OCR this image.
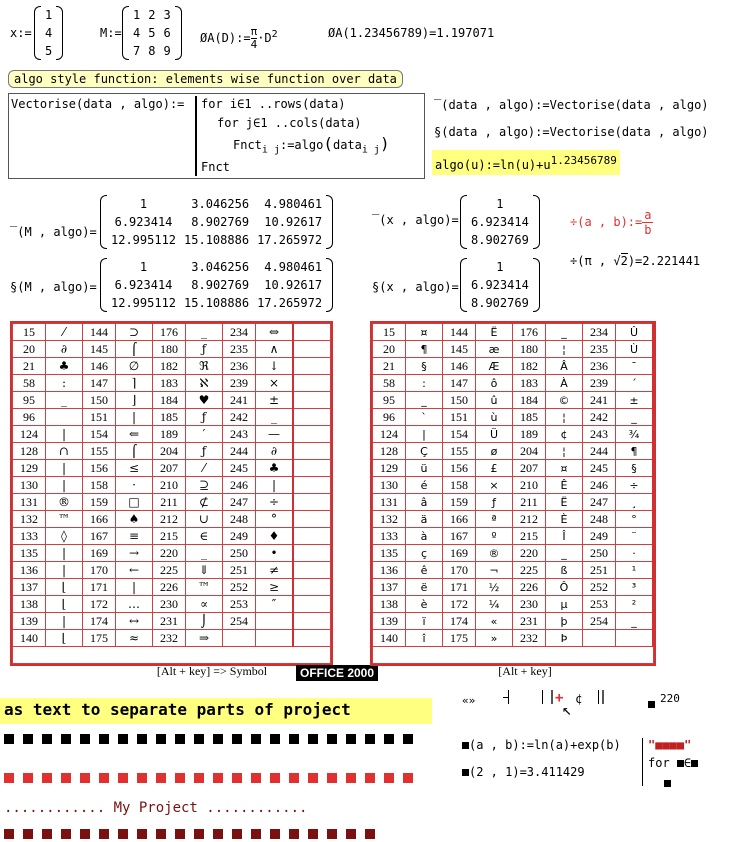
x:=
1
4
5
M:=
1	2	3
4	5	6
7	8	9
ØA(D):= $\frac{\pi}{4} \cdot D^2$	ØA(1.23456789)=1.197071
algo style function: elements wise function over data
Vectorise(data , algo):= for i∈1 ..rows(data)
for j∈1 ..cols(data)
Fnct$_{i j}$:=algo(data$_{i j}$)
Fnct
‾(data , algo):=Vectorise(data , algo)
§(data , algo):=Vectorise(data , algo)
$algo(u):=\ln(u)+u^{1.23456789}$
‾(M , algo)=
1	3.046256	4.980461
6.923414	8.902769	10.92617
12.995112	15.108886	17.265972
‾(x , algo)=
1
6.923414
8.902769
§(M , algo)=
1	3.046256	4.980461
6.923414	8.902769	10.92617
12.995112	15.108886	17.265972
§(x , algo)=
1
6.923414
8.902769
÷(a , b):= $\frac{a}{b}$
÷(π , √2)=2.221441
15	⁄	144	⊃	176	_	234	⇔	
20	∂	145	⌠	180	ƒ	235	∧	
21	♣	146	∅	182	ℜ	236	↓	
58	:	147	⌉	183	ℵ	239	×	
95	_	150	⌋	184	♥	241	±	
96		151	|	185	ƒ	242	_	
124	|	154	⇐	189	′	243	—	
128	∩	155	⌠	204	ƒ	244	∂	
129	|	156	≤	207	⁄	245	♣	
130	|	158	·	210	⊇	246	|	
131	®	159	□	211	⊄	247	÷	
132	™	166	♠	212	∪	248	°	
133	◊	167	≡	215	∈	249	♦	
135	|	169	→	220	_	250	•	
136	|	170	←	225	⇓	251	≠	
137	⌊	171	|	226	™	252	≥	
138	⌊	172	…	230	∝	253	″	
139	|	174	↔	231	⌡	254		
140	⌊	175	≈	232	⇒			

[Alt + key] => Symbol	OFFICE 2000
15	¤	144	Ë	176	_	234	Û
20	¶	145	æ	180	¦	235	Ù
21	§	146	Æ	182	Â	236	¯
58	:	147	ô	183	À	239	´
95	_	150	û	184	©	241	±
96	`	151	ù	185	¦	242	_
124	|	154	Ü	189	¢	243	¾
128	Ç	155	ø	204	¦	244	¶
129	ü	156	£	207	¤	245	§
130	é	158	×	210	Ê	246	÷
131	â	159	ƒ	211	Ë	247	¸
132	ä	166	ª	212	È	248	°
133	à	167	º	215	Î	249	¨
135	ç	169	®	220	_	250	·
136	ê	170	¬	225	ß	251	¹
137	ë	171	½	226	Ô	252	³
138	è	172	¼	230	µ	253	²
139	ï	174	«	231	þ	254	_
140	î	175	»	232	Þ		

[Alt + key]
as text to separate parts of project
............ My Project ............
«»	+
↖
¢	220
(a , b):=ln(a)+exp(b)
(2 , 1)=3.411429
"■■■■"
for ∈
